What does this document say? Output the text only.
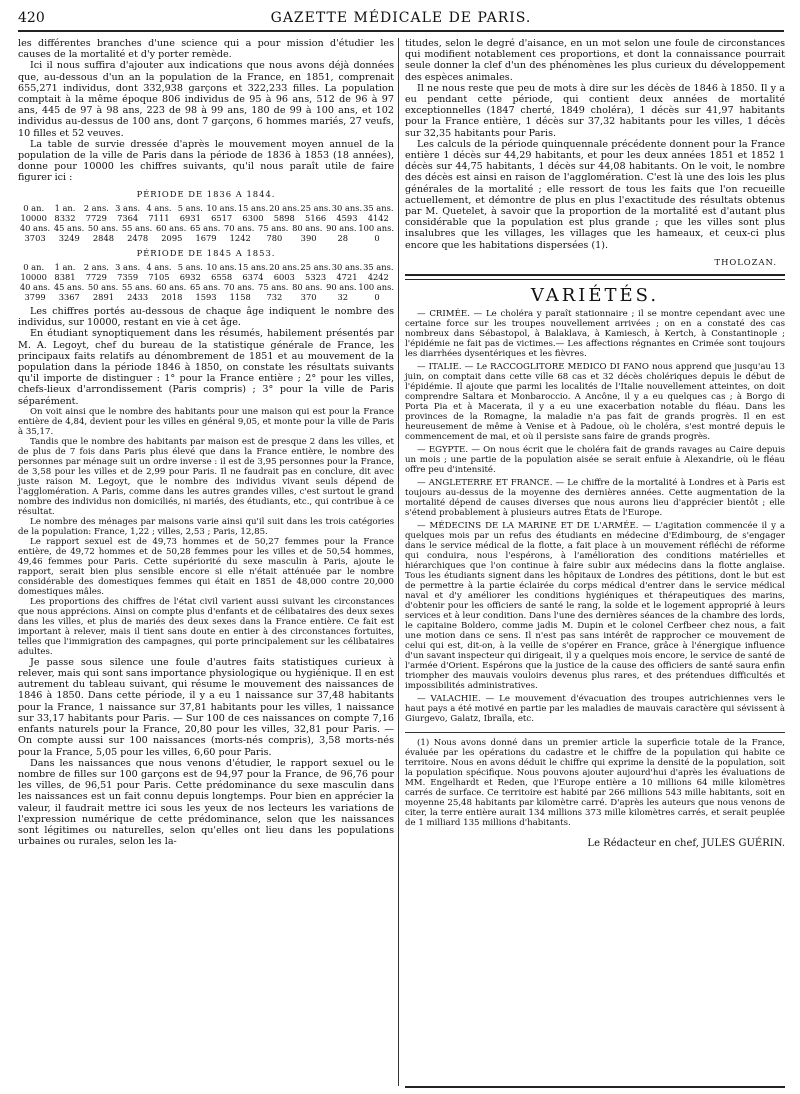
420	GAZETTE MÉDICALE DE PARIS.

les différentes branches d'une science qui a pour mission d'étudier les causes de la mortalité et d'y porter remède.

Ici il nous suffira d'ajouter aux indications que nous avons déjà données que, au-dessous d'un an la population de la France, en 1851, comprenait 655,271 individus, dont 332,938 garçons et 322,233 filles. La population comptait à la même époque 806 individus de 95 à 96 ans, 512 de 96 à 97 ans, 445 de 97 à 98 ans, 223 de 98 à 99 ans, 180 de 99 à 100 ans, et 102 individus au-dessus de 100 ans, dont 7 garçons, 6 hommes mariés, 27 veufs, 10 filles et 52 veuves.

La table de survie dressée d'après le mouvement moyen annuel de la population de la ville de Paris dans la période de 1836 à 1853 (18 années), donne pour 10000 les chiffres suivants, qu'il nous paraît utile de faire figurer ici :

PÉRIODE DE 1836 A 1844.
0 an.	1 an.	2 ans. 3 ans. 4 ans. 5 ans. 10 ans. 15 ans. 20 ans. 25 ans. 30 ans. 35 ans.
10000 8332	7729	7364	7111	6931	6517	6300	5898	5166	4593	4142
40 ans. 45 ans. 50 ans. 55 ans. 60 ans. 65 ans. 70 ans. 75 ans. 80 ans. 90 ans. 100 ans.
3703	3249	2848	2478	2095	1679	1242	780	390	28	0
PÉRIODE DE 1845 A 1853.
0 an.	1 an.	2 ans. 3 ans. 4 ans. 5 ans. 10 ans. 15 ans. 20 ans. 25 ans. 30 ans. 35 ans.
10000 8381	7729	7359	7105	6932	6558	6374	6003	5323	4721	4242
40 ans. 45 ans. 50 ans. 55 ans. 60 ans. 65 ans. 70 ans. 75 ans. 80 ans. 90 ans. 100 ans.
3799	3367	2891	2433	2018	1593	1158	732	370	32	0

Les chiffres portés au-dessous de chaque âge indiquent le nombre des individus, sur 10000, restant en vie à cet âge.

En étudiant synoptiquement dans les résumés, habilement présentés par M. A. Legoyt, chef du bureau de la statistique générale de France, les principaux faits relatifs au dénombrement de 1851 et au mouvement de la population dans la période 1846 à 1850, on constate les résultats suivants qu'il importe de distinguer : 1° pour la France entière ; 2° pour les villes, chefs-lieux d'arrondissement (Paris compris) ; 3° pour la ville de Paris séparément.

On voit ainsi que le nombre des habitants pour une maison qui est pour la France entière de 4,84, devient pour les villes en général 9,05, et monte pour la ville de Paris à 35,17.

Tandis que le nombre des habitants par maison est de presque 2 dans les villes, et de plus de 7 fois dans Paris plus élevé que dans la France entière, le nombre des personnes par ménage suit un ordre inverse : il est de 3,95 personnes pour la France, de 3,58 pour les villes et de 2,99 pour Paris. Il ne faudrait pas en conclure, dit avec juste raison M. Legoyt, que le nombre des individus vivant seuls dépend de l'agglomération. A Paris, comme dans les autres grandes villes, c'est surtout le grand nombre des individus non domiciliés, ni mariés, des étudiants, etc., qui contribue à ce résultat.

Le nombre des ménages par maisons varie ainsi qu'il suit dans les trois catégories de la population: France, 1,22 ; villes, 2,53 ; Paris, 12,85.

Le rapport sexuel est de 49,73 hommes et de 50,27 femmes pour la France entière, de 49,72 hommes et de 50,28 femmes pour les villes et de 50,54 hommes, 49,46 femmes pour Paris. Cette supériorité du sexe masculin à Paris, ajoute le rapport, serait bien plus sensible encore si elle n'était atténuée par le nombre considérable des domestiques femmes qui était en 1851 de 48,000 contre 20,000 domestiques mâles.

Les proportions des chiffres de l'état civil varient aussi suivant les circonstances que nous apprécions. Ainsi on compte plus d'enfants et de célibataires des deux sexes dans les villes, et plus de mariés des deux sexes dans la France entière. Ce fait est important à relever, mais il tient sans doute en entier à des circonstances fortuites, telles que l'immigration des campagnes, qui porte principalement sur les célibataires adultes.

Je passe sous silence une foule d'autres faits statistiques curieux à relever, mais qui sont sans importance physiologique ou hygiénique. Il en est autrement du tableau suivant, qui résume le mouvement des naissances de 1846 à 1850. Dans cette période, il y a eu 1 naissance sur 37,48 habitants pour la France, 1 naissance sur 37,81 habitants pour les villes, 1 naissance sur 33,17 habitants pour Paris. — Sur 100 de ces naissances on compte 7,16 enfants naturels pour la France, 20,80 pour les villes, 32,81 pour Paris. — On compte aussi sur 100 naissances (morts-nés compris), 3,58 morts-nés pour la France, 5,05 pour les villes, 6,60 pour Paris.

Dans les naissances que nous venons d'étudier, le rapport sexuel ou le nombre de filles sur 100 garçons est de 94,97 pour la France, de 96,76 pour les villes, de 96,51 pour Paris. Cette prédominance du sexe masculin dans les naissances est un fait connu depuis longtemps. Pour bien en apprécier la valeur, il faudrait mettre ici sous les yeux de nos lecteurs les variations de l'expression numérique de cette prédominance, selon que les naissances sont légitimes ou naturelles, selon qu'elles ont lieu dans les populations urbaines ou rurales, selon les la-

titudes, selon le degré d'aisance, en un mot selon une foule de circonstances qui modifient notablement ces proportions, et dont la connaissance pourrait seule donner la clef d'un des phénomènes les plus curieux du développement des espèces animales.

Il ne nous reste que peu de mots à dire sur les décès de 1846 à 1850. Il y a eu pendant cette période, qui contient deux années de mortalité exceptionnelles (1847 cherté, 1849 choléra), 1 décès sur 41,97 habitants pour la France entière, 1 décès sur 37,32 habitants pour les villes, 1 décès sur 32,35 habitants pour Paris.

Les calculs de la période quinquennale précédente donnent pour la France entière 1 décès sur 44,29 habitants, et pour les deux années 1851 et 1852 1 décès sur 44,75 habitants, 1 décès sur 44,08 habitants. On le voit, le nombre des décès est ainsi en raison de l'agglomération. C'est là une des lois les plus générales de la mortalité ; elle ressort de tous les faits que l'on recueille actuellement, et démontre de plus en plus l'exactitude des résultats obtenus par M. Quetelet, à savoir que la proportion de la mortalité est d'autant plus considérable que la population est plus grande ; que les villes sont plus insalubres que les villages, les villages que les hameaux, et ceux-ci plus encore que les habitations dispersées (1).

THOLOZAN.
VARIÉTÉS.

— CRIMÉE. — Le choléra y paraît stationnaire ; il se montre cependant avec une certaine force sur les troupes nouvellement arrivées ; on en a constaté des cas nombreux dans Sébastopol, à Balaklava, à Kamiesch, à Kertch, à Constantinople ; l'épidémie ne fait pas de victimes.— Les affections régnantes en Crimée sont toujours les diarrhées dysentériques et les fièvres.

— ITALIE. — Le RACCOGLITORE MEDICO DI FANO nous apprend que jusqu'au 13 juin, on comptait dans cette ville 68 cas et 32 décès cholériques depuis le début de l'épidémie. Il ajoute que parmi les localités de l'Italie nouvellement atteintes, on doit comprendre Saltara et Monbaroccio. A Ancône, il y a eu quelques cas ; à Borgo di Porta Pia et à Macerata, il y a eu une exacerbation notable du fléau. Dans les provinces de la Romagne, la maladie n'a pas fait de grands progrès. Il en est heureusement de même à Venise et à Padoue, où le choléra, s'est montré depuis le commencement de mai, et où il persiste sans faire de grands progrès.

— EGYPTE. — On nous écrit que le choléra fait de grands ravages au Caire depuis un mois ; une partie de la population aisée se serait enfuie à Alexandrie, où le fléau offre peu d'intensité.

— ANGLETERRE ET FRANCE. — Le chiffre de la mortalité à Londres et à Paris est toujours au-dessus de la moyenne des dernières années. Cette augmentation de la mortalité dépend de causes diverses que nous aurons lieu d'apprécier bientôt ; elle s'étend probablement à plusieurs autres États de l'Europe.

— MÉDECINS DE LA MARINE ET DE L'ARMÉE. — L'agitation commencée il y a quelques mois par un refus des étudiants en médecine d'Edimbourg, de s'engager dans le service médical de la flotte, a fait place à un mouvement réfléchi de réforme qui conduira, nous l'espérons, à l'amélioration des conditions matérielles et hiérarchiques que l'on continue à faire subir aux médecins dans la flotte anglaise. Tous les étudiants signent dans les hôpitaux de Londres des pétitions, dont le but est de permettre à la partie éclairée du corps médical d'entrer dans le service médical naval et d'y améliorer les conditions hygiéniques et thérapeutiques des marins, d'obtenir pour les officiers de santé le rang, la solde et le logement approprié à leurs services et à leur condition. Dans l'une des dernières séances de la chambre des lords, le capitaine Boldero, comme jadis M. Dupin et le colonel Cerfbeer chez nous, a fait une motion dans ce sens. Il n'est pas sans intérêt de rapprocher ce mouvement de celui qui est, dit-on, à la veille de s'opérer en France, grâce à l'énergique influence d'un savant inspecteur qui dirigeait, il y a quelques mois encore, le service de santé de l'armée d'Orient. Espérons que la justice de la cause des officiers de santé saura enfin triompher des mauvais vouloirs devenus plus rares, et des prétendues difficultés et impossibilités administratives.

— VALACHIE. — Le mouvement d'évacuation des troupes autrichiennes vers le haut pays a été motivé en partie par les maladies de mauvais caractère qui sévissent à Giurgevo, Galatz, Ibraïla, etc.

(1) Nous avons donné dans un premier article la superficie totale de la France, évaluée par les opérations du cadastre et le chiffre de la population qui habite ce territoire. Nous en avons déduit le chiffre qui exprime la densité de la population, soit la population spécifique. Nous pouvons ajouter aujourd'hui d'après les évaluations de MM. Engelhardt et Reden, que l'Europe entière a 10 millions 64 mille kilomètres carrés de surface. Ce territoire est habité par 266 millions 543 mille habitants, soit en moyenne 25,48 habitants par kilomètre carré. D'après les auteurs que nous venons de citer, la terre entière aurait 134 millions 373 mille kilomètres carrés, et serait peuplée de 1 milliard 135 millions d'habitants.

Le Rédacteur en chef, JULES GUÉRIN.
